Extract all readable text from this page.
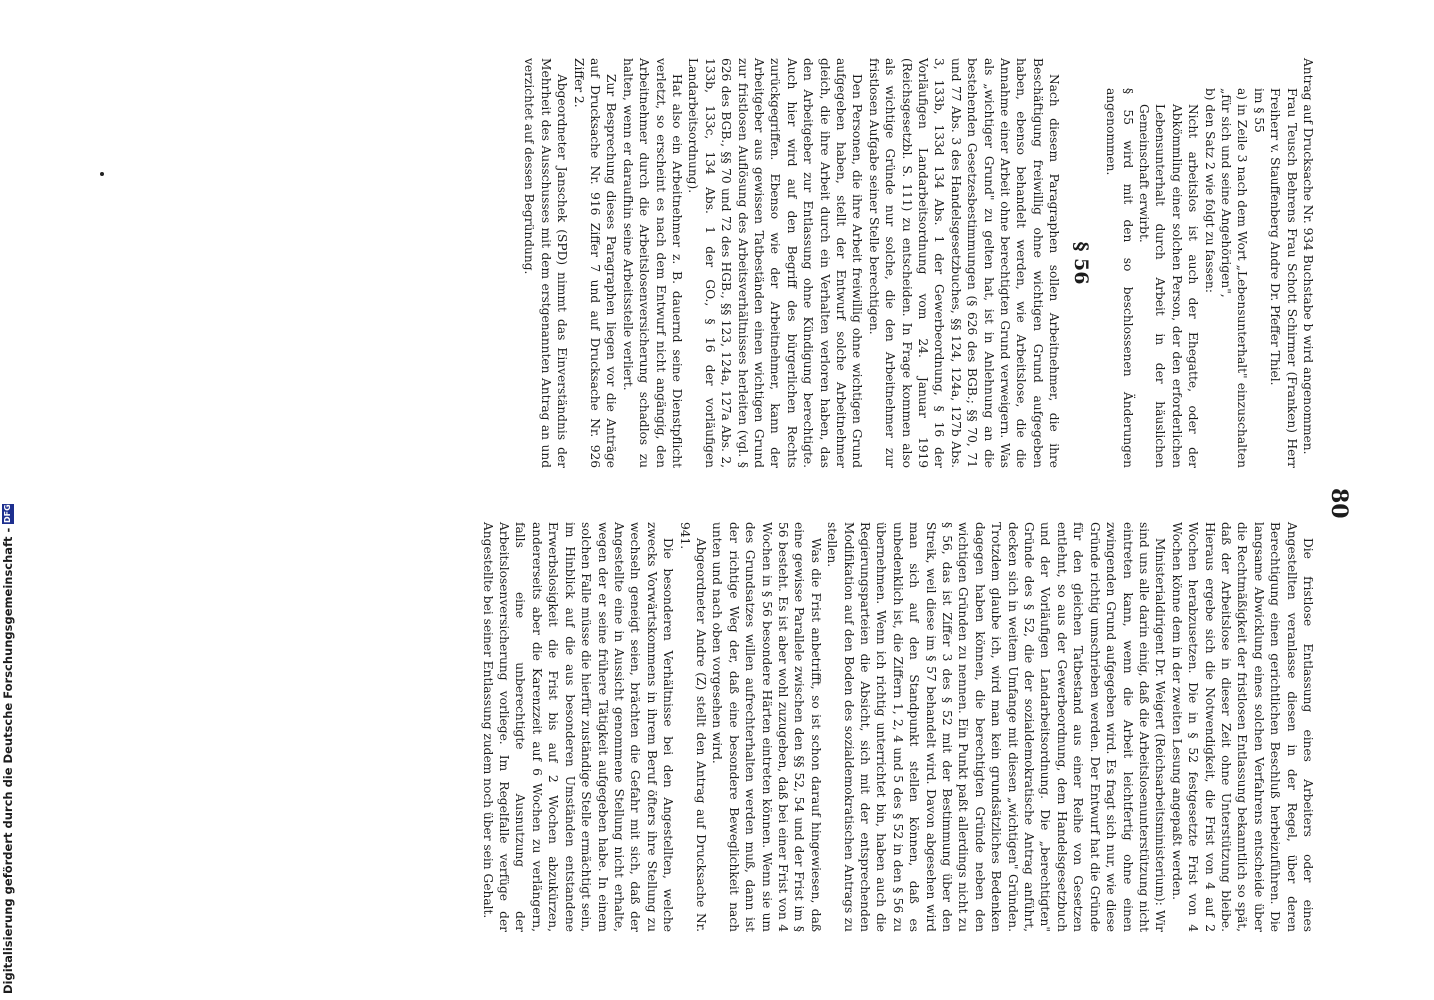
80

Antrag auf Drucksache Nr. 934 Buchstabe b wird angenommen.

Frau Teusch Behrens Frau Schott Schirmer (Franken) Herr Freiherr v. Stauffenberg Andre Dr. Pfeffer Thiel.

im § 55

a) in Zeile 3 nach dem Wort „Lebensunterhalt" einzuschalten „für sich und seine Angehörigen",

b) den Satz 2 wie folgt zu fassen:

Nicht arbeitslos ist auch der Ehegatte, oder der Abkömmling einer solchen Person, der den erforderlichen Lebensunterhalt durch Arbeit in der häuslichen Gemeinschaft erwirbt.

§ 55 wird mit den so beschlossenen Änderungen angenommen.

§ 56

Nach diesem Paragraphen sollen Arbeitnehmer, die ihre Beschäftigung freiwillig ohne wichtigen Grund aufgegeben haben, ebenso behandelt werden, wie Arbeitslose, die die Annahme einer Arbeit ohne berechtigten Grund verweigern. Was als „wichtiger Grund" zu gelten hat, ist in Anlehnung an die bestehenden Gesetzesbestimmungen (§ 626 des BGB.; §§ 70, 71 und 77 Abs. 3 des Handelsgesetzbuches, §§ 124, 124a, 127b Abs. 3, 133b, 133d 134 Abs. 1 der Gewerbeordnung, § 16 der Vorläufigen Landarbeitsordnung vom 24. Januar 1919 (Reichsgesetzbl. S. 111) zu entscheiden. In Frage kommen also als wichtige Gründe nur solche, die den Arbeitnehmer zur fristlosen Aufgabe seiner Stelle berechtigen.

Den Personen, die ihre Arbeit freiwillig ohne wichtigen Grund aufgegeben haben, stellt der Entwurf solche Arbeitnehmer gleich, die ihre Arbeit durch ein Verhalten verloren haben, das den Arbeitgeber zur Entlassung ohne Kündigung berechtigte. Auch hier wird auf den Begriff des bürgerlichen Rechts zurückgegriffen. Ebenso wie der Arbeitnehmer, kann der Arbeitgeber aus gewissen Tatbeständen einen wichtigen Grund zur fristlosen Auflösung des Arbeitsverhältnisses herleiten (vgl. § 626 des BGB., §§ 70 und 72 des HGB., §§ 123, 124a, 127a Abs. 2, 133b, 133c, 134 Abs. 1 der GO., § 16 der vorläufigen Landarbeitsordnung).

Hat also ein Arbeitnehmer z. B. dauernd seine Dienstpflicht verletzt, so erscheint es nach dem Entwurf nicht angängig, den Arbeitnehmer durch die Arbeitslosenversicherung schadlos zu halten, wenn er daraufhin seine Arbeitsstelle verliert.

Zur Besprechung dieses Paragraphen liegen vor die Anträge auf Drucksache Nr. 916 Ziffer 7 und auf Drucksache Nr. 926 Ziffer 2.

Abgeordneter Janschek (SPD) nimmt das Einverständnis der Mehrheit des Ausschusses mit dem erstgenannten Antrag an und verzichtet auf dessen Begründung.

Die fristlose Entlassung eines Arbeiters oder eines Angestellten veranlasse diesen in der Regel, über deren Berechtigung einen gerichtlichen Beschluß herbeizuführen. Die langsame Abwicklung eines solchen Verfahrens entscheide über die Rechtmäßigkeit der fristlosen Entlassung bekanntlich so spät, daß der Arbeitslose in dieser Zeit ohne Unterstützung bleibe. Hieraus ergebe sich die Notwendigkeit, die Frist von 4 auf 2 Wochen herabzusetzen. Die in § 52 festgesetzte Frist von 4 Wochen könne dem in der zweiten Lesung angepaßt werden.

Ministerialdirigent Dr. Weigert (Reichsarbeitsministerium): Wir sind uns alle darin einig, daß die Arbeitslosenunterstützung nicht eintreten kann, wenn die Arbeit leichtfertig ohne einen zwingenden Grund aufgegeben wird. Es fragt sich nur, wie diese Gründe richtig umschrieben werden. Der Entwurf hat die Gründe für den gleichen Tatbestand aus einer Reihe von Gesetzen entlehnt, so aus der Gewerbeordnung, dem Handelsgesetzbuch und der Vorläufigen Landarbeitsordnung. Die „berechtigten" Gründe des § 52, die der sozialdemokratische Antrag anführt, decken sich in weitem Umfange mit diesen „wichtigen" Gründen. Trotzdem glaube ich, wird man kein grundsätzliches Bedenken dagegen haben können, die berechtigten Gründe neben den wichtigen Gründen zu nennen. Ein Punkt paßt allerdings nicht zu § 56, das ist Ziffer 3 des § 52 mit der Bestimmung über den Streik, weil diese im § 57 behandelt wird. Davon abgesehen wird man sich auf den Standpunkt stellen können, daß es unbedenklich ist, die Ziffern 1, 2, 4 und 5 des § 52 in den § 56 zu übernehmen. Wenn ich richtig unterrichtet bin, haben auch die Regierungsparteien die Absicht, sich mit der entsprechenden Modifikation auf den Boden des sozialdemokratischen Antrags zu stellen.

Was die Frist anbetrifft, so ist schon darauf hingewiesen, daß eine gewisse Parallele zwischen den §§ 52, 54 und der Frist im § 56 besteht. Es ist aber wohl zuzugeben, daß bei einer Frist von 4 Wochen in § 56 besondere Härten eintreten können. Wenn sie um des Grundsatzes willen aufrechterhalten werden muß, dann ist der richtige Weg der, daß eine besondere Beweglichkeit nach unten und nach oben vorgesehen wird.

Abgeordneter Andre (Z) stellt den Antrag auf Drucksache Nr. 941.

Die besonderen Verhältnisse bei den Angestellten, welche zwecks Vorwärtskommens in ihrem Beruf öfters ihre Stellung zu wechseln geneigt seien, brächten die Gefahr mit sich, daß der Angestellte eine in Aussicht genommene Stellung nicht erhalte, wegen der er seine frühere Tätigkeit aufgegeben habe. In einem solchen Falle müsse die hierfür zuständige Stelle ermächtigt sein, im Hinblick auf die aus besonderen Umständen entstandene Erwerbslosigkeit die Frist bis auf 2 Wochen abzukürzen, andererseits aber die Karenzzeit auf 6 Wochen zu verlängern, falls eine unberechtigte Ausnutzung der Arbeitslosenversicherung vorliege. Im Regelfalle verfüge der Angestellte bei seiner Entlassung zudem noch über sein Gehalt.

Digitalisierung gefördert durch die Deutsche Forschungsgemeinschaft -
DFG
